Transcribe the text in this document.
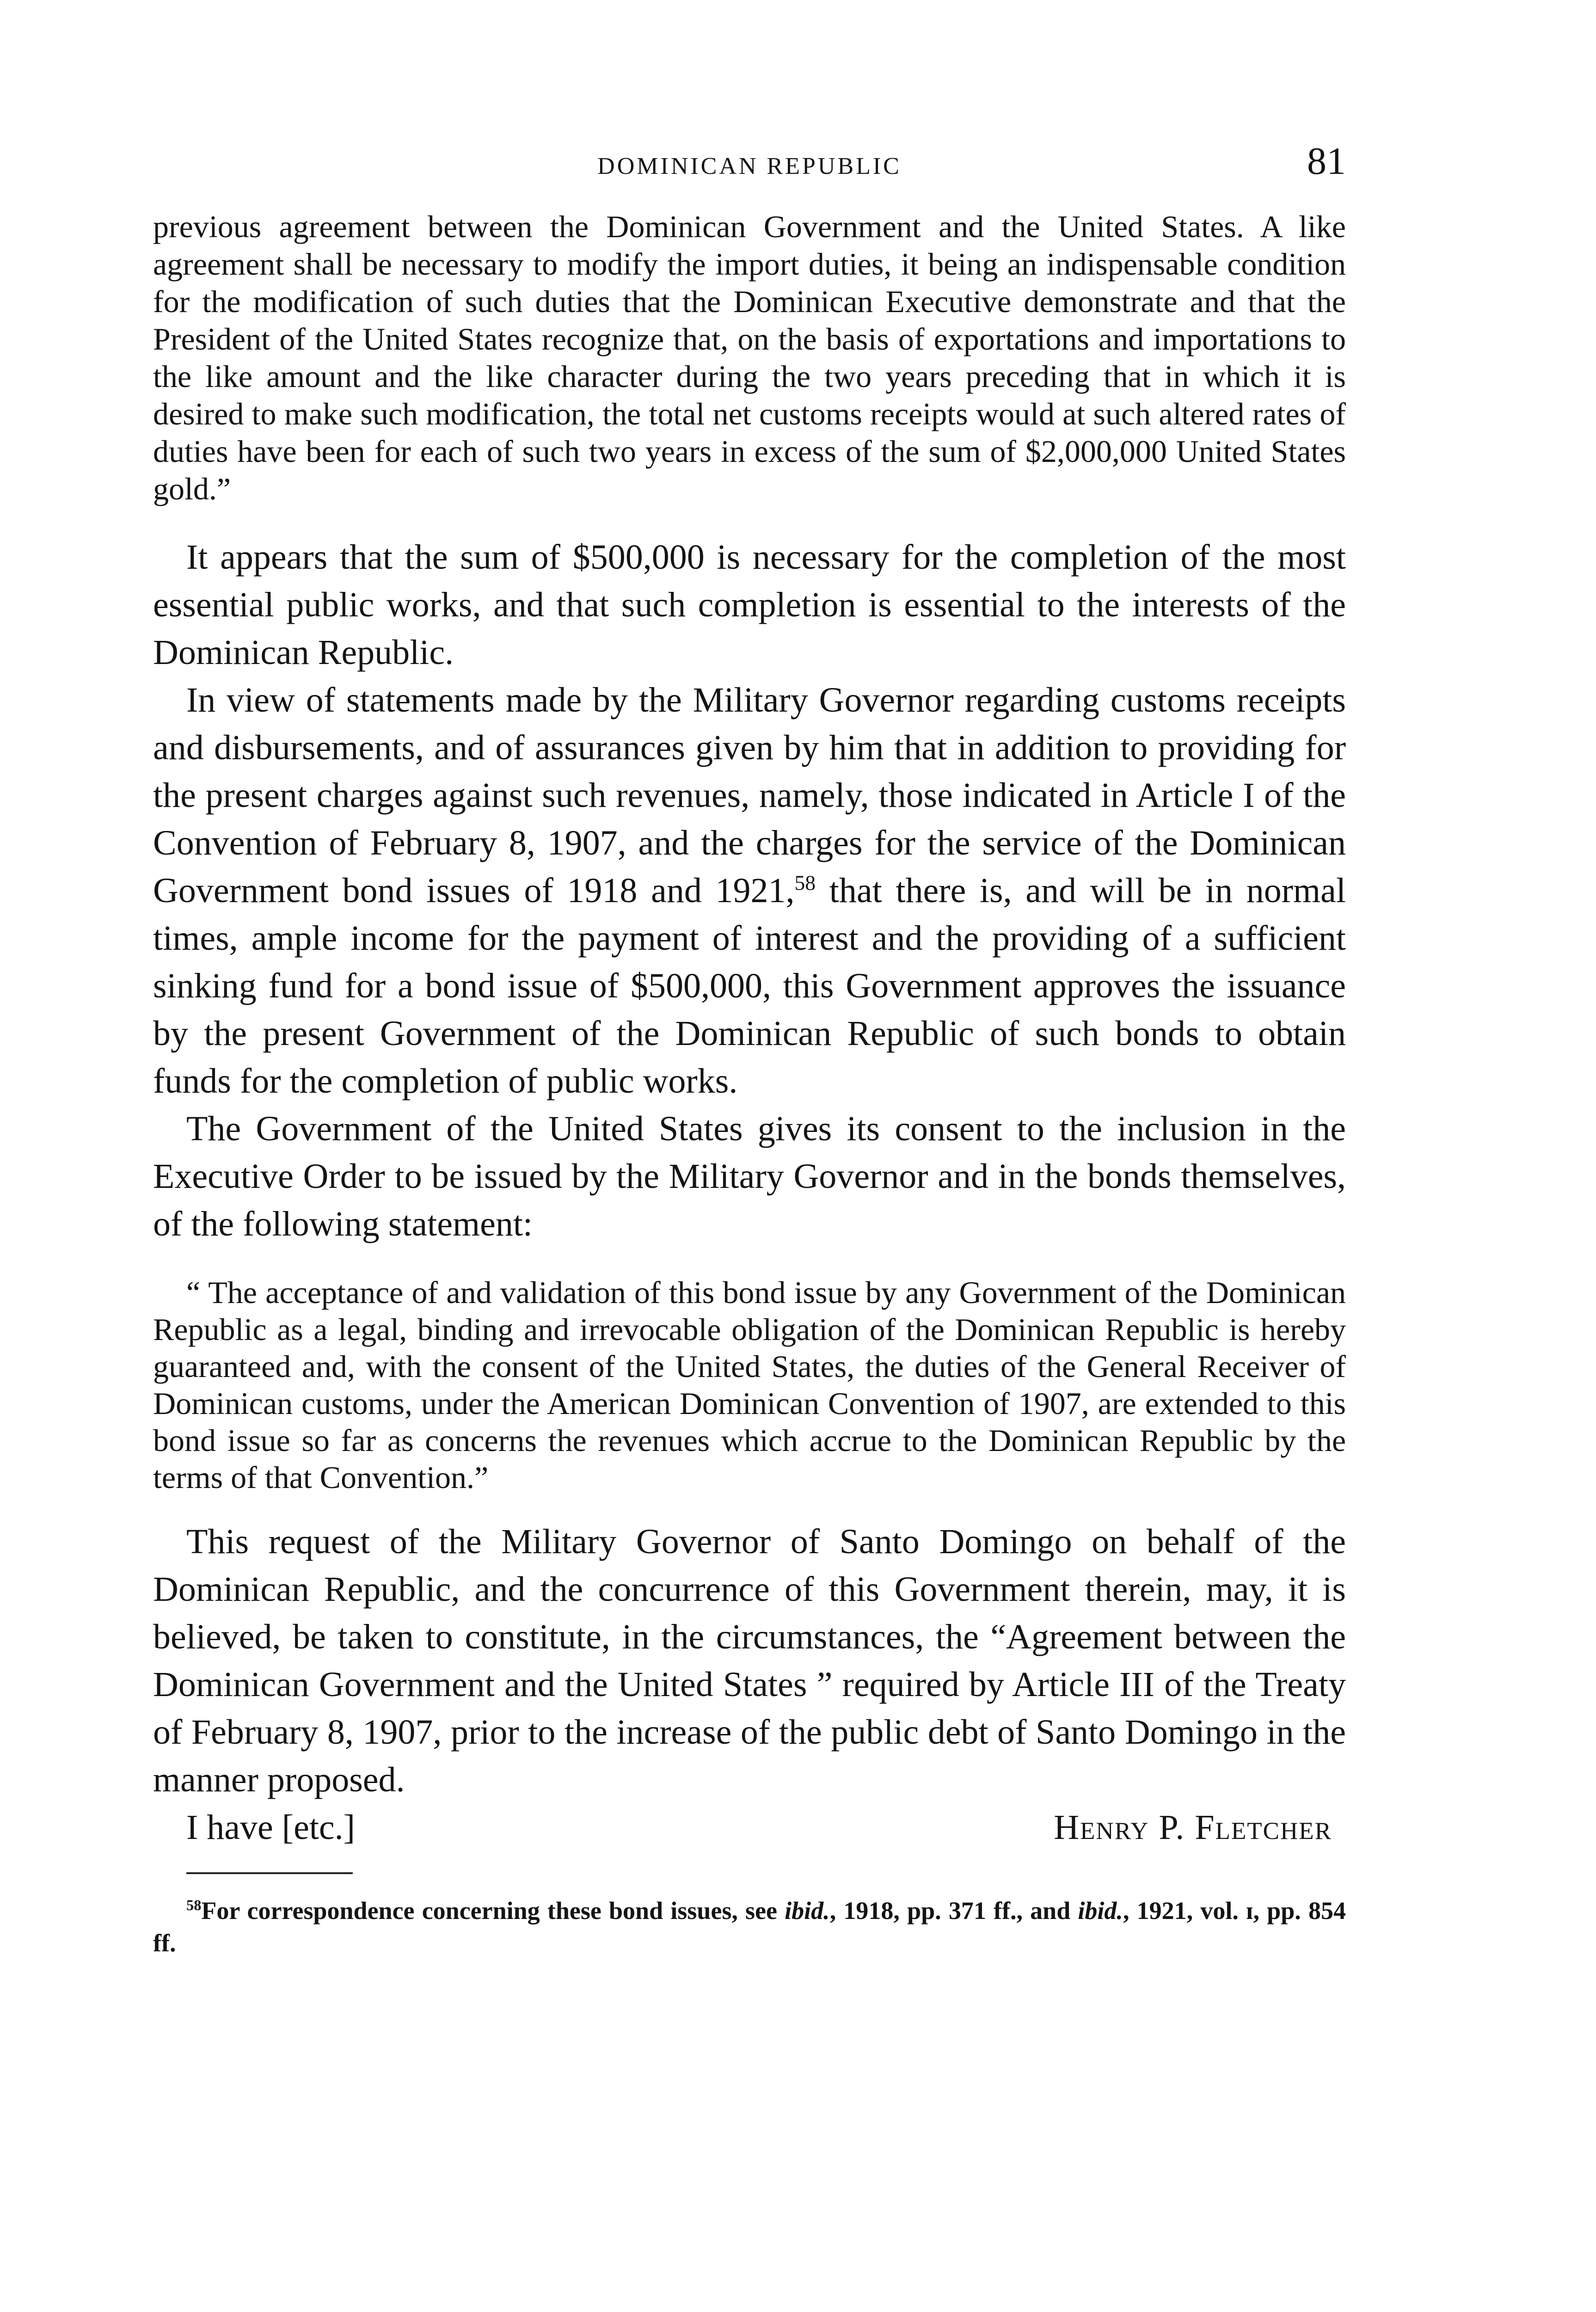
DOMINICAN REPUBLIC	81

previous agreement between the Dominican Government and the United States. A like agreement shall be necessary to modify the import duties, it being an indispensable condition for the modification of such duties that the Dominican Executive demonstrate and that the President of the United States recognize that, on the basis of exportations and importations to the like amount and the like character during the two years preceding that in which it is desired to make such modification, the total net customs receipts would at such altered rates of duties have been for each of such two years in excess of the sum of $2,000,000 United States gold.”

It appears that the sum of $500,000 is necessary for the completion of the most essential public works, and that such completion is essential to the interests of the Dominican Republic.

In view of statements made by the Military Governor regarding customs receipts and disbursements, and of assurances given by him that in addition to providing for the present charges against such revenues, namely, those indicated in Article I of the Convention of February 8, 1907, and the charges for the service of the Dominican Government bond issues of 1918 and 1921,58 that there is, and will be in normal times, ample income for the payment of interest and the providing of a sufficient sinking fund for a bond issue of $500,000, this Government approves the issuance by the present Government of the Dominican Republic of such bonds to obtain funds for the completion of public works.

The Government of the United States gives its consent to the inclusion in the Executive Order to be issued by the Military Governor and in the bonds themselves, of the following statement:

“ The acceptance of and validation of this bond issue by any Government of the Dominican Republic as a legal, binding and irrevocable obligation of the Dominican Republic is hereby guaranteed and, with the consent of the United States, the duties of the General Receiver of Dominican customs, under the American Dominican Convention of 1907, are extended to this bond issue so far as concerns the revenues which accrue to the Dominican Republic by the terms of that Convention.”

This request of the Military Governor of Santo Domingo on behalf of the Dominican Republic, and the concurrence of this Government therein, may, it is believed, be taken to constitute, in the circumstances, the “Agreement between the Dominican Government and the United States ” required by Article III of the Treaty of February 8, 1907, prior to the increase of the public debt of Santo Domingo in the manner proposed.

I have [etc.]	Henry P. Fletcher

$^{58}$For correspondence concerning these bond issues, see ibid., 1918, pp. 371 ff., and ibid., 1921, vol. ɪ, pp. 854 ff.
